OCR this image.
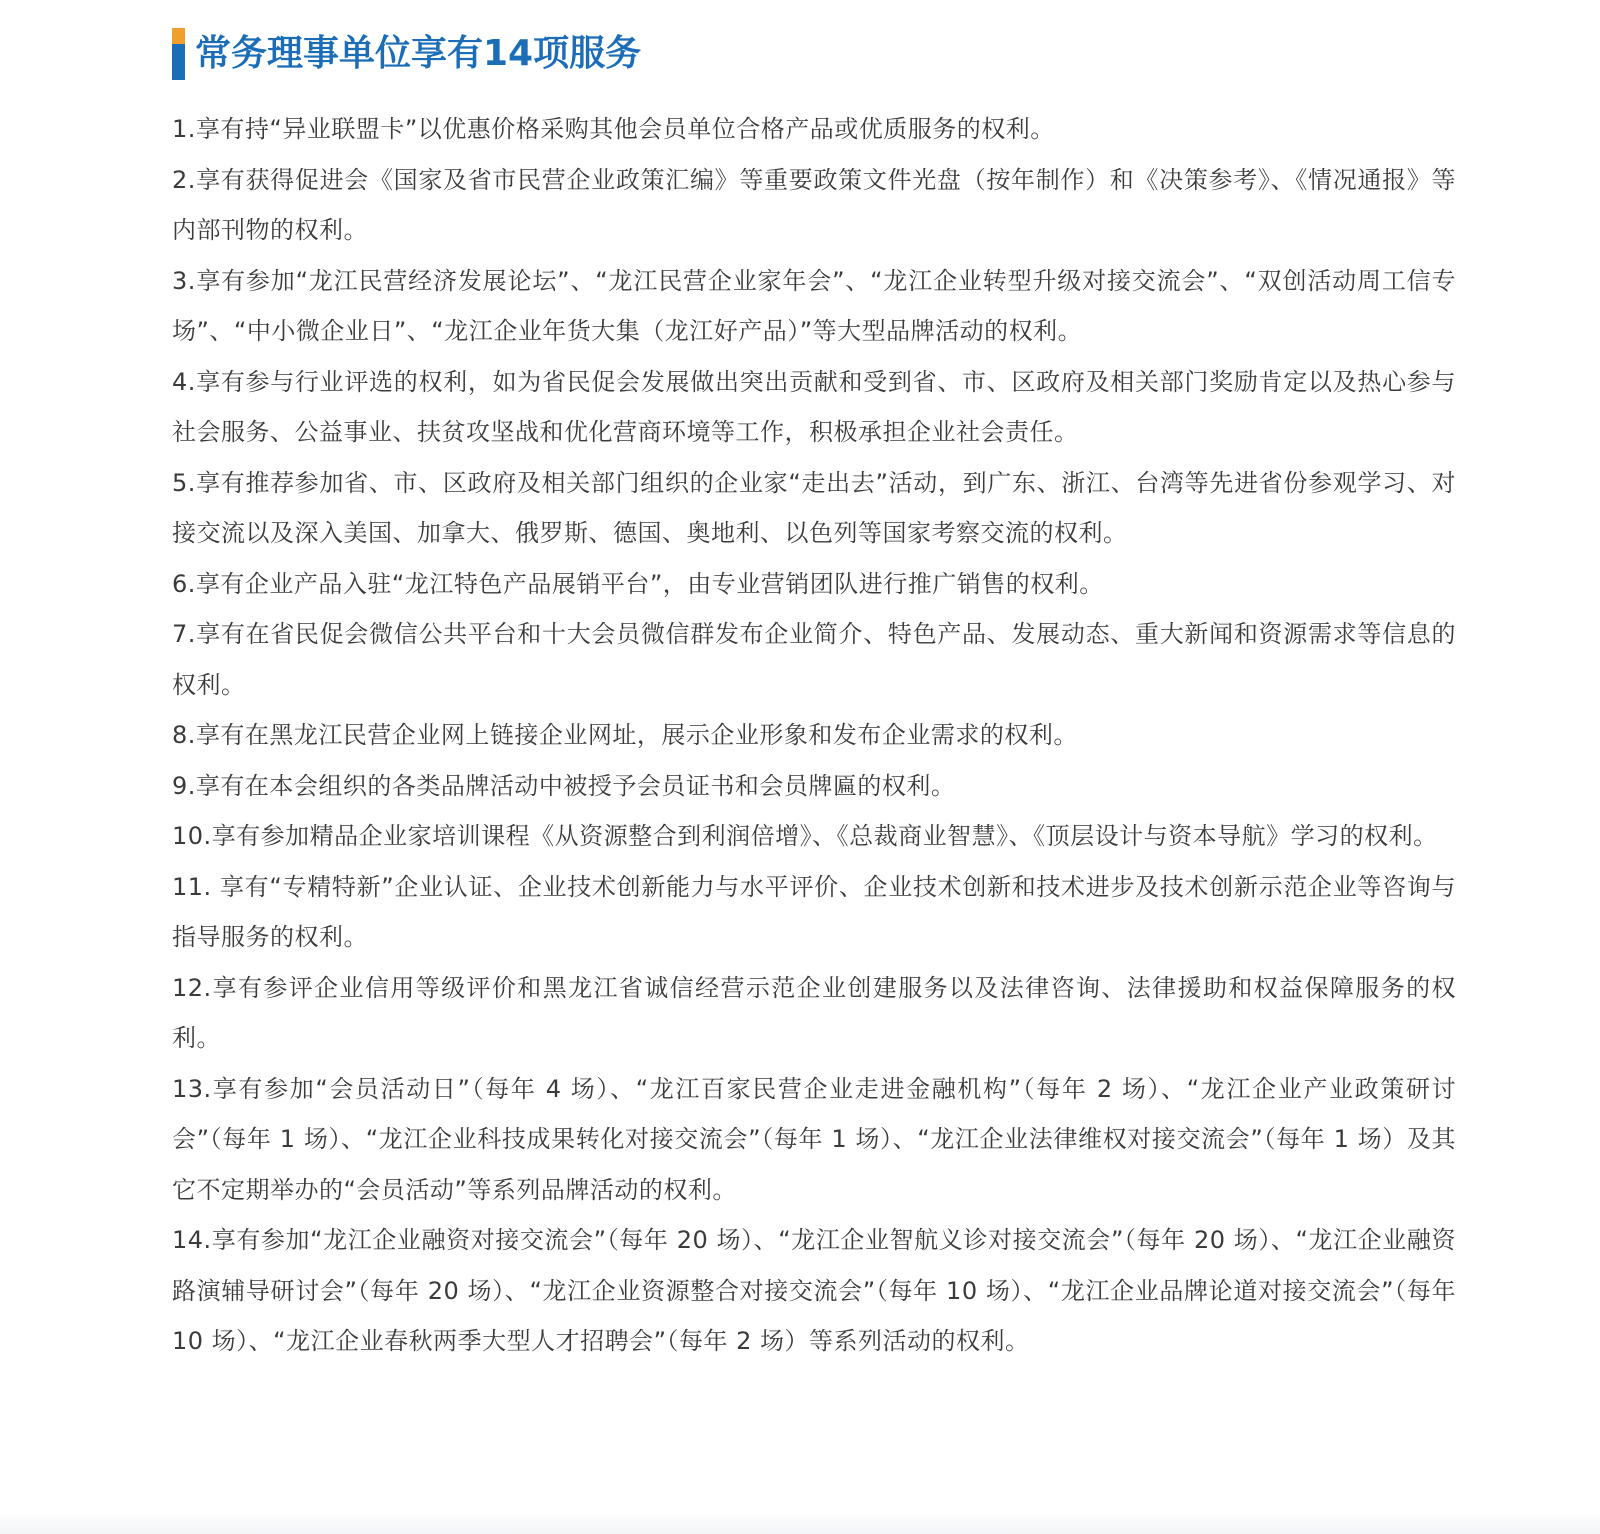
常务理事单位享有14项服务
1.享有持“异业联盟卡”以优惠价格采购其他会员单位合格产品或优质服务的权利。
2.享有获得促进会《国家及省市民营企业政策汇编》等重要政策文件光盘（按年制作）和《决策参考》、《情况通报》等内部刊物的权利。
3.享有参加“龙江民营经济发展论坛”、“龙江民营企业家年会”、“龙江企业转型升级对接交流会”、“双创活动周工信专场”、“中小微企业日”、“龙江企业年货大集（龙江好产品）”等大型品牌活动的权利。
4.享有参与行业评选的权利，如为省民促会发展做出突出贡献和受到省、市、区政府及相关部门奖励肯定以及热心参与社会服务、公益事业、扶贫攻坚战和优化营商环境等工作，积极承担企业社会责任。
5.享有推荐参加省、市、区政府及相关部门组织的企业家“走出去”活动，到广东、浙江、台湾等先进省份参观学习、对接交流以及深入美国、加拿大、俄罗斯、德国、奥地利、以色列等国家考察交流的权利。
6.享有企业产品入驻“龙江特色产品展销平台”，由专业营销团队进行推广销售的权利。
7.享有在省民促会微信公共平台和十大会员微信群发布企业简介、特色产品、发展动态、重大新闻和资源需求等信息的权利。
8.享有在黑龙江民营企业网上链接企业网址，展示企业形象和发布企业需求的权利。
9.享有在本会组织的各类品牌活动中被授予会员证书和会员牌匾的权利。
10.享有参加精品企业家培训课程《从资源整合到利润倍增》、《总裁商业智慧》、《顶层设计与资本导航》学习的权利。
11. 享有“专精特新”企业认证、企业技术创新能力与水平评价、企业技术创新和技术进步及技术创新示范企业等咨询与指导服务的权利。
12.享有参评企业信用等级评价和黑龙江省诚信经营示范企业创建服务以及法律咨询、法律援助和权益保障服务的权利。
13.享有参加“会员活动日”（每年 4 场）、“龙江百家民营企业走进金融机构”（每年 2 场）、“龙江企业产业政策研讨会”（每年 1 场）、“龙江企业科技成果转化对接交流会”（每年 1 场）、“龙江企业法律维权对接交流会”（每年 1 场）及其它不定期举办的“会员活动”等系列品牌活动的权利。
14.享有参加“龙江企业融资对接交流会”（每年 20 场）、“龙江企业智航义诊对接交流会”（每年 20 场）、“龙江企业融资路演辅导研讨会”（每年 20 场）、“龙江企业资源整合对接交流会”（每年 10 场）、“龙江企业品牌论道对接交流会”（每年 10 场）、“龙江企业春秋两季大型人才招聘会”（每年 2 场）等系列活动的权利。
